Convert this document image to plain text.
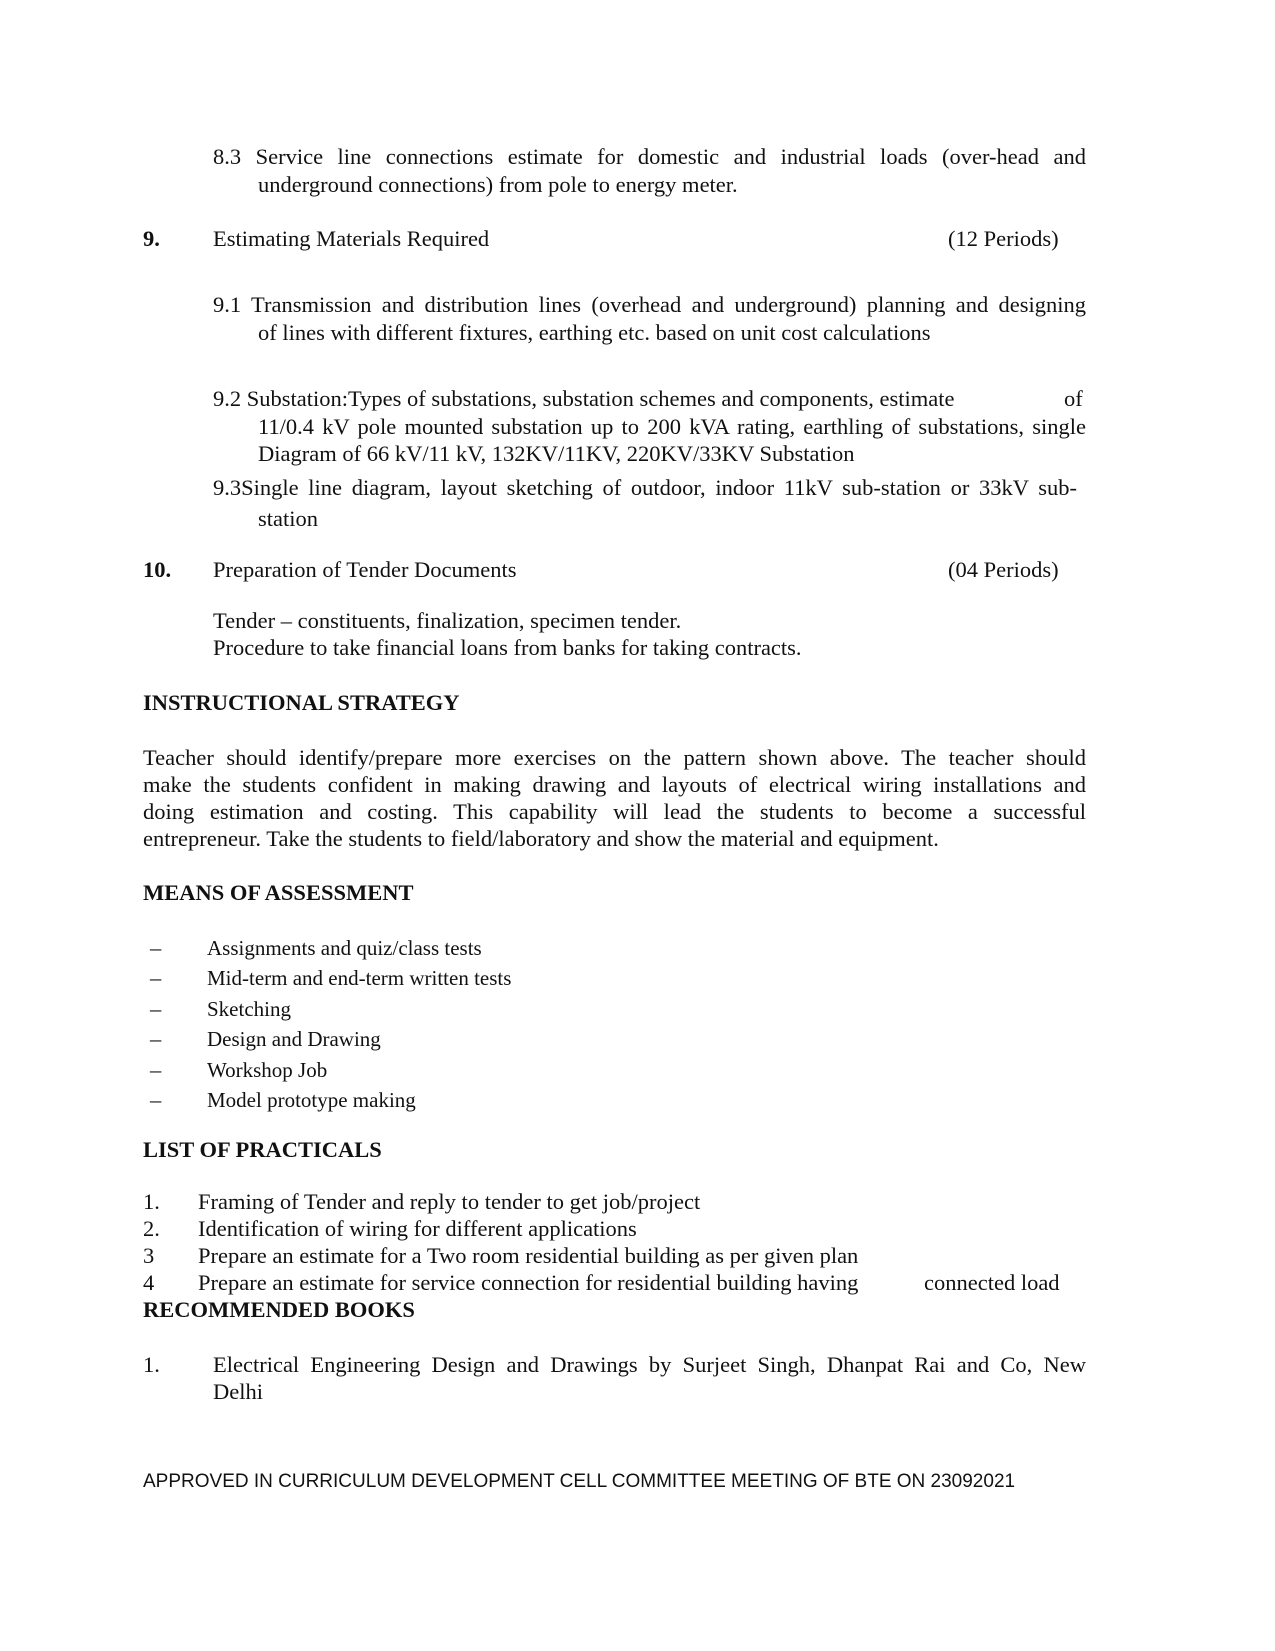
8.3 Service line connections estimate for domestic and industrial loads (over-head and
underground connections) from pole to energy meter.
9. Estimating Materials Required	(12 Periods)
9.1 Transmission and distribution lines (overhead and underground) planning and designing
of lines with different fixtures, earthing etc. based on unit cost calculations
9.2 Substation:Types of substations, substation schemes and components, estimate	of
11/0.4 kV pole mounted substation up to 200 kVA rating, earthling of substations, single
Diagram of 66 kV/11 kV, 132KV/11KV, 220KV/33KV Substation
9.3Single line diagram, layout sketching of outdoor, indoor 11kV sub-station or 33kV sub-
station
10. Preparation of Tender Documents	(04 Periods)
Tender – constituents, finalization, specimen tender.
Procedure to take financial loans from banks for taking contracts.
INSTRUCTIONAL STRATEGY
Teacher should identify/prepare more exercises on the pattern shown above. The teacher should
make the students confident in making drawing and layouts of electrical wiring installations and
doing estimation and costing. This capability will lead the students to become a successful
entrepreneur. Take the students to field/laboratory and show the material and equipment.
MEANS OF ASSESSMENT
– Assignments and quiz/class tests
– Mid-term and end-term written tests
– Sketching
– Design and Drawing
– Workshop Job
– Model prototype making
LIST OF PRACTICALS
1. Framing of Tender and reply to tender to get job/project
2. Identification of wiring for different applications
3 Prepare an estimate for a Two room residential building as per given plan
4 Prepare an estimate for service connection for residential building having	connected load
RECOMMENDED BOOKS
1. Electrical Engineering Design and Drawings by Surjeet Singh, Dhanpat Rai and Co, New
Delhi
APPROVED IN CURRICULUM DEVELOPMENT CELL COMMITTEE MEETING OF BTE ON 23092021
